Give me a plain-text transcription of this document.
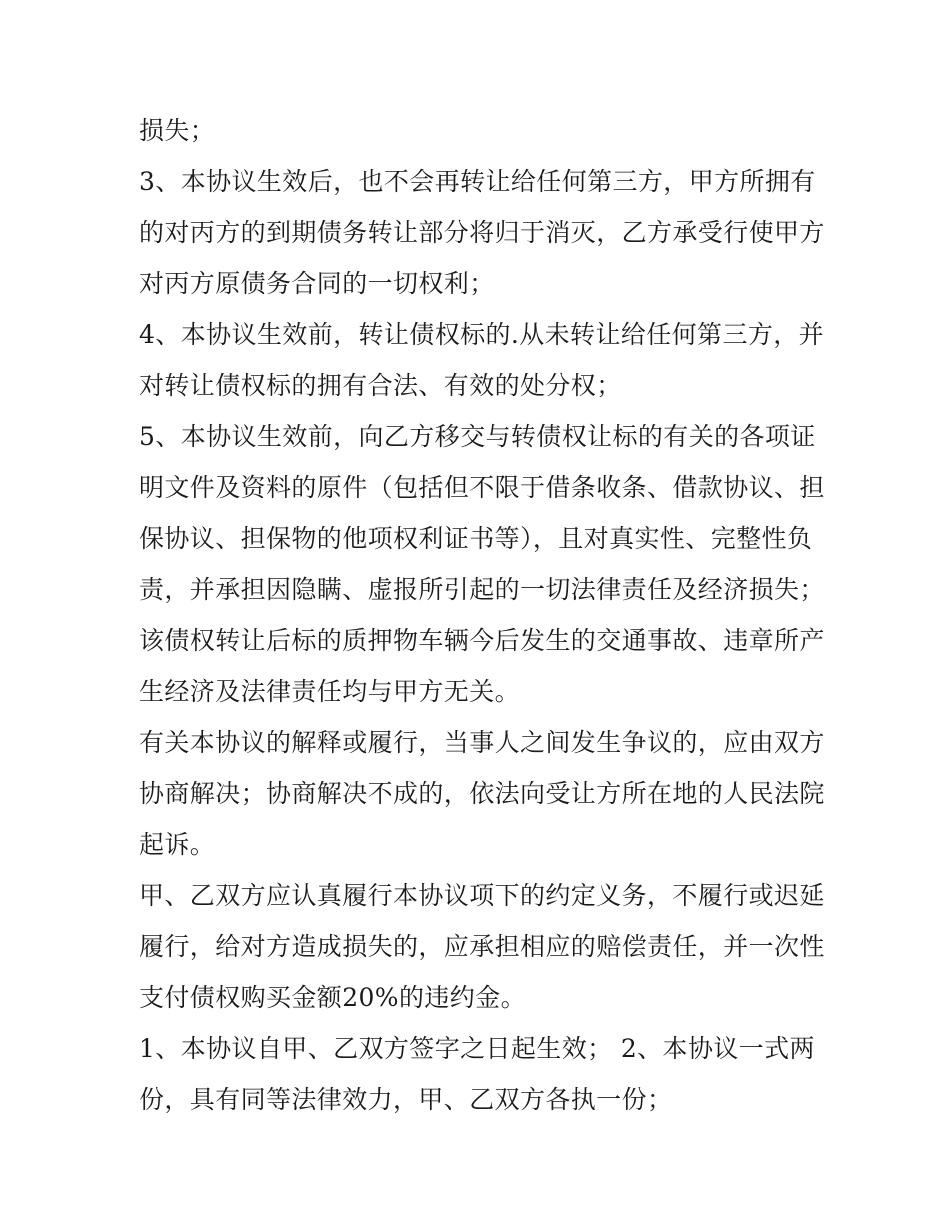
损失；
3、本协议生效后，也不会再转让给任何第三方，甲方所拥有
的对丙方的到期债务转让部分将归于消灭，乙方承受行使甲方
对丙方原债务合同的一切权利；
4、本协议生效前，转让债权标的.从未转让给任何第三方，并
对转让债权标的拥有合法、有效的处分权；
5、本协议生效前，向乙方移交与转债权让标的有关的各项证
明文件及资料的原件（包括但不限于借条收条、借款协议、担
保协议、担保物的他项权利证书等），且对真实性、完整性负
责，并承担因隐瞒、虚报所引起的一切法律责任及经济损失；
该债权转让后标的质押物车辆今后发生的交通事故、违章所产
生经济及法律责任均与甲方无关。
有关本协议的解释或履行，当事人之间发生争议的，应由双方
协商解决；协商解决不成的，依法向受让方所在地的人民法院
起诉。
甲、乙双方应认真履行本协议项下的约定义务，不履行或迟延
履行，给对方造成损失的，应承担相应的赔偿责任，并一次性
支付债权购买金额20%的违约金。
1、本协议自甲、乙双方签字之日起生效； 2、本协议一式两
份，具有同等法律效力，甲、乙双方各执一份；
